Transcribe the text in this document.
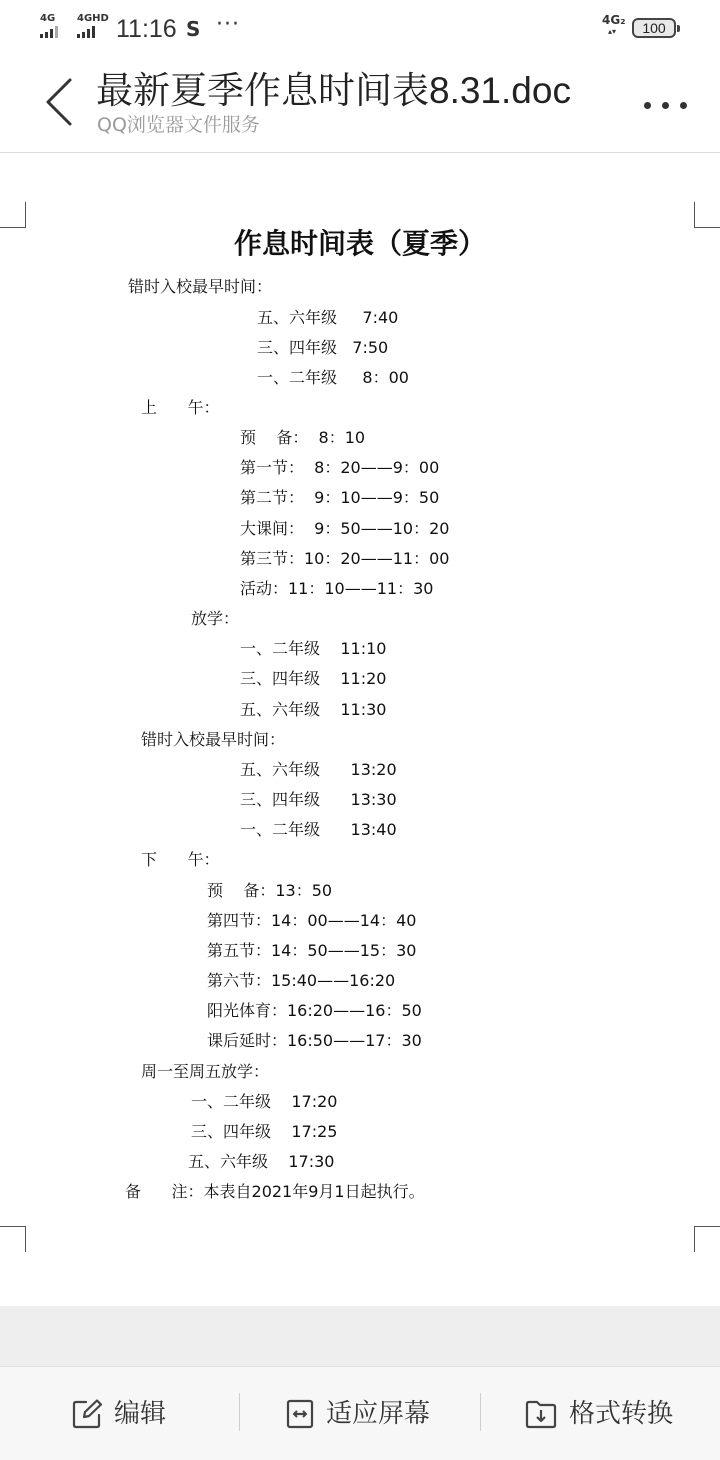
4G	4GHD 11:16 S ···	4G₂
▴▾	100
最新夏季作息时间表8.31.doc
QQ浏览器文件服务
作息时间表（夏季）
错时入校最早时间：
五、六年级     7:40
三、四年级   7:50
一、二年级     8：00
上      午：
预    备：  8：10
第一节：  8：20——9：00
第二节：  9：10——9：50
大课间：  9：50——10：20
第三节：10：20——11：00
活动：11：10——11：30
放学：
一、二年级    11:10
三、四年级    11:20
五、六年级    11:30
错时入校最早时间：
五、六年级      13:20
三、四年级      13:30
一、二年级      13:40
下      午：
预    备：13：50
第四节：14：00——14：40
第五节：14：50——15：30
第六节：15:40——16:20
阳光体育：16:20——16：50
课后延时：16:50——17：30
周一至周五放学：
一、二年级    17:20
三、四年级    17:25
五、六年级    17:30
备      注：本表自2021年9月1日起执行。
编辑	适应屏幕	格式转换
